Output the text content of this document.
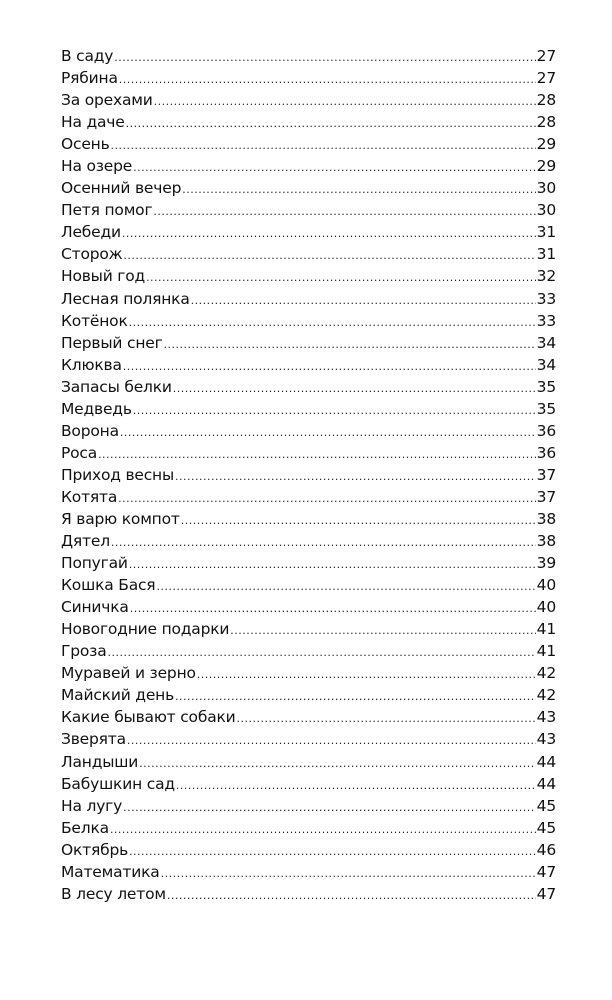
В саду .....	27
Рябина .....	27
За орехами .....	28
На даче .....	28
Осень .....	29
На озере .....	29
Осенний вечер .....	30
Петя помог .....	30
Лебеди .....	31
Сторож .....	31
Новый год .....	32
Лесная полянка .....	33
Котёнок .....	33
Первый снег .....	34
Клюква .....	34
Запасы белки .....	35
Медведь .....	35
Ворона .....	36
Роса .....	36
Приход весны .....	37
Котята .....	37
Я варю компот .....	38
Дятел .....	38
Попугай .....	39
Кошка Бася .....	40
Синичка .....	40
Новогодние подарки .....	41
Гроза .....	41
Муравей и зерно .....	42
Майский день .....	42
Какие бывают собаки .....	43
Зверята .....	43
Ландыши .....	44
Бабушкин сад .....	44
На лугу .....	45
Белка .....	45
Октябрь .....	46
Математика .....	47
В лесу летом .....	47
